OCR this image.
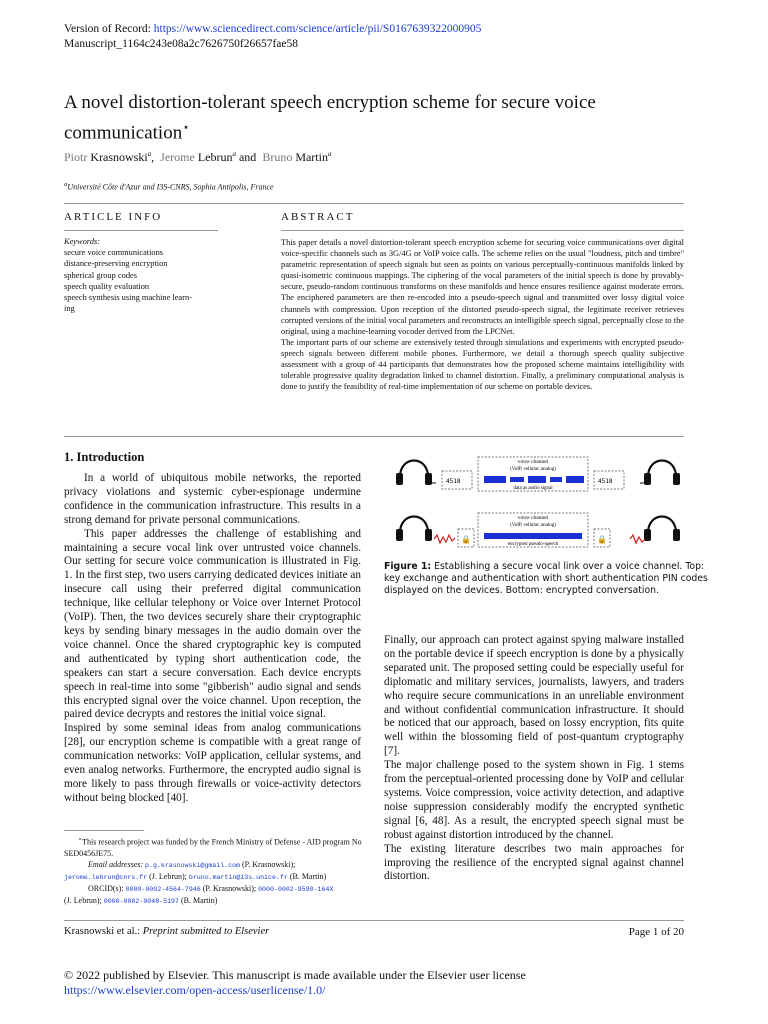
Version of Record: https://www.sciencedirect.com/science/article/pii/S0167639322000905
Manuscript_1164c243e08a2c7626750f26657fae58
A novel distortion-tolerant speech encryption scheme for secure voice communication⋆
Piotr Krasnowski$^a$, Jerome Lebrun$^a$ and Bruno Martin$^a$
$^a$Université Côte d'Azur and I3S-CNRS, Sophia Antipolis, France
ARTICLE INFO	ABSTRACT
Keywords:
secure voice communications
distance-preserving encryption
spherical group codes
speech quality evaluation
speech synthesis using machine learn-
ing

This paper details a novel distortion-tolerant speech encryption scheme for securing voice communications over digital voice-specific channels such as 3G/4G or VoIP voice calls. The scheme relies on the usual "loudness, pitch and timbre" parametric representation of speech signals but seen as points on various perceptually-continuous manifolds linked by quasi-isometric continuous mappings. The ciphering of the vocal parameters of the initial speech is done by provably-secure, pseudo-random continuous transforms on these manifolds and hence ensures resilience against moderate errors. The enciphered parameters are then re-encoded into a pseudo-speech signal and transmitted over lossy digital voice channels with compression. Upon reception of the distorted pseudo-speech signal, the legitimate receiver retrieves corrupted versions of the initial vocal parameters and reconstructs an intelligible speech signal, perceptually close to the original, using a machine-learning vocoder derived from the LPCNet.

The important parts of our scheme are extensively tested through simulations and experiments with encrypted pseudo-speech signals between different mobile phones. Furthermore, we detail a thorough speech quality subjective assessment with a group of 44 participants that demonstrates how the proposed scheme maintains intelligibility with tolerable progressive quality degradation linked to channel distortion. Finally, a preliminary computational analysis is done to justify the feasibility of real-time implementation of our scheme on portable devices.

1. Introduction

In a world of ubiquitous mobile networks, the reported privacy violations and systemic cyber-espionage undermine confidence in the communication infrastructure. This results in a strong demand for private personal communications.

This paper addresses the challenge of establishing and maintaining a secure vocal link over untrusted voice channels. Our setting for secure voice communication is illustrated in Fig. 1. In the first step, two users carrying dedicated devices initiate an insecure call using their preferred digital communication technique, like cellular telephony or Voice over Internet Protocol (VoIP). Then, the two devices securely share their cryptographic keys by sending binary messages in the audio domain over the voice channel. Once the shared cryptographic key is computed and authenticated by typing short authentication code, the speakers can start a secure conversation. Each device encrypts speech in real-time into some "gibberish" audio signal and sends this encrypted signal over the voice channel. Upon reception, the paired device decrypts and restores the initial voice signal.

Inspired by some seminal ideas from analog communications [28], our encryption scheme is compatible with a great range of communication networks: VoIP application, cellular systems, and even analog networks. Furthermore, the encrypted audio signal is more likely to pass through firewalls or voice-activity detectors without being blocked [40].

Finally, our approach can protect against spying malware installed on the portable device if speech encryption is done by a physically separated unit. The proposed setting could be especially useful for diplomatic and military services, journalists, lawyers, and traders who require secure communications in an unreliable environment and without confidential communication infrastructure. It should be noticed that our approach, based on lossy encryption, fits quite well within the blossoming field of post-quantum cryptography [7].

The major challenge posed to the system shown in Fig. 1 stems from the perceptual-oriented processing done by VoIP and cellular systems. Voice compression, voice activity detection, and adaptive noise suppression considerably modify the encrypted synthetic signal [6, 48]. As a result, the encrypted speech signal must be robust against distortion introduced by the channel.

The existing literature describes two main approaches for improving the resilience of the encrypted signal against channel distortion.

4518	4518
voice channel
(VoIP, cellular, analog)
data as audio signal
🔒	🔒
voice channel
(VoIP, cellular, analog)
encrypted pseudo-speech
Figure 1: Establishing a secure vocal link over a voice channel. Top: key exchange and authentication with short authentication PIN codes displayed on the devices. Bottom: encrypted conversation.
⋆This research project was funded by the French Ministry of Defense - AID program No SED0456JE75.
Email addresses: p.g.krasnowski@gmail.com (P. Krasnowski);
jerome.lebrun@cnrs.fr (J. Lebrun); bruno.martin@i3s.unice.fr (B. Martin)
ORCID(s): 0000-0002-4564-7946 (P. Krasnowski); 0000-0002-9590-164X
(J. Lebrun); 0000-0002-0048-5197 (B. Martin)
Krasnowski et al.: Preprint submitted to Elsevier	Page 1 of 20
© 2022 published by Elsevier. This manuscript is made available under the Elsevier user license
https://www.elsevier.com/open-access/userlicense/1.0/
